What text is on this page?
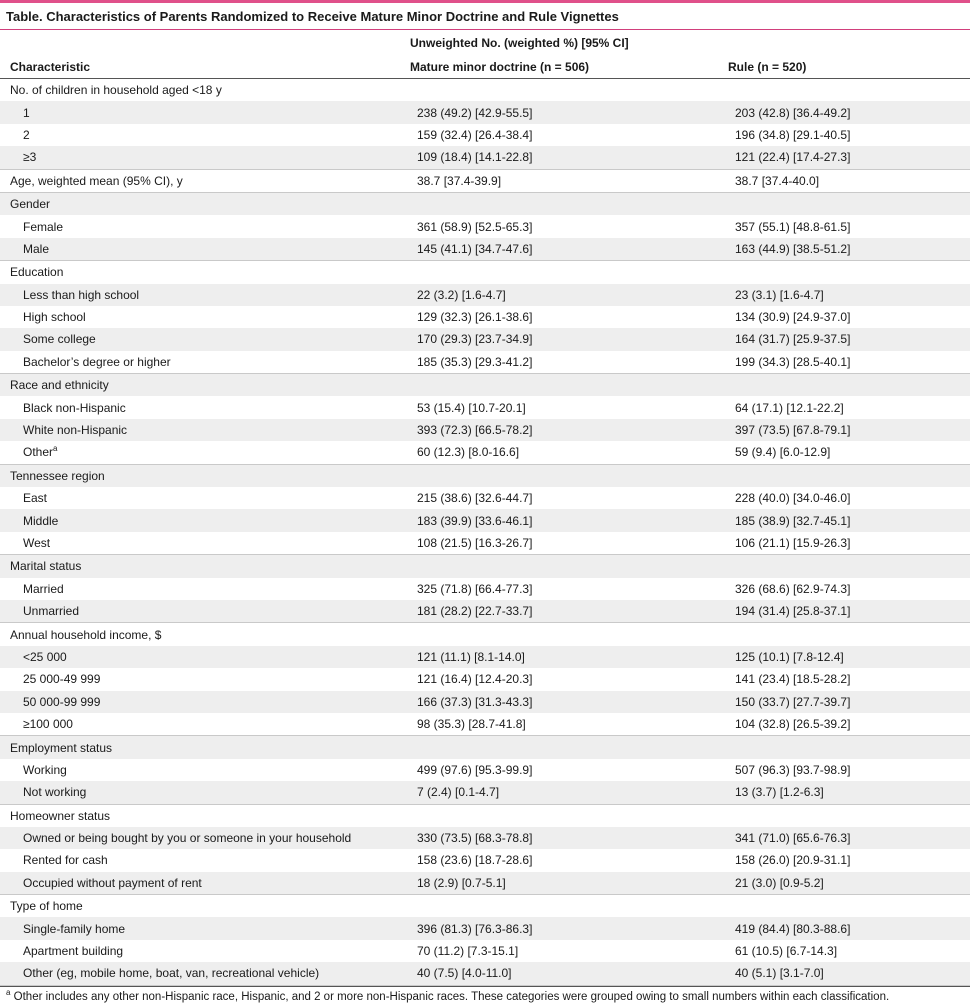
Table. Characteristics of Parents Randomized to Receive Mature Minor Doctrine and Rule Vignettes
	Unweighted No. (weighted %) [95% CI]	
Characteristic	Mature minor doctrine (n = 506)	Rule (n = 520)
No. of children in household aged <18 y		
1	238 (49.2) [42.9-55.5]	203 (42.8) [36.4-49.2]
2	159 (32.4) [26.4-38.4]	196 (34.8) [29.1-40.5]
≥3	109 (18.4) [14.1-22.8]	121 (22.4) [17.4-27.3]
Age, weighted mean (95% CI), y	38.7 [37.4-39.9]	38.7 [37.4-40.0]
Gender		
Female	361 (58.9) [52.5-65.3]	357 (55.1) [48.8-61.5]
Male	145 (41.1) [34.7-47.6]	163 (44.9) [38.5-51.2]
Education		
Less than high school	22 (3.2) [1.6-4.7]	23 (3.1) [1.6-4.7]
High school	129 (32.3) [26.1-38.6]	134 (30.9) [24.9-37.0]
Some college	170 (29.3) [23.7-34.9]	164 (31.7) [25.9-37.5]
Bachelor’s degree or higher	185 (35.3) [29.3-41.2]	199 (34.3) [28.5-40.1]
Race and ethnicity		
Black non-Hispanic	53 (15.4) [10.7-20.1]	64 (17.1) [12.1-22.2]
White non-Hispanic	393 (72.3) [66.5-78.2]	397 (73.5) [67.8-79.1]
Other$^a$	60 (12.3) [8.0-16.6]	59 (9.4) [6.0-12.9]
Tennessee region		
East	215 (38.6) [32.6-44.7]	228 (40.0) [34.0-46.0]
Middle	183 (39.9) [33.6-46.1]	185 (38.9) [32.7-45.1]
West	108 (21.5) [16.3-26.7]	106 (21.1) [15.9-26.3]
Marital status		
Married	325 (71.8) [66.4-77.3]	326 (68.6) [62.9-74.3]
Unmarried	181 (28.2) [22.7-33.7]	194 (31.4) [25.8-37.1]
Annual household income, $		
<25 000	121 (11.1) [8.1-14.0]	125 (10.1) [7.8-12.4]
25 000-49 999	121 (16.4) [12.4-20.3]	141 (23.4) [18.5-28.2]
50 000-99 999	166 (37.3) [31.3-43.3]	150 (33.7) [27.7-39.7]
≥100 000	98 (35.3) [28.7-41.8]	104 (32.8) [26.5-39.2]
Employment status		
Working	499 (97.6) [95.3-99.9]	507 (96.3) [93.7-98.9]
Not working	7 (2.4) [0.1-4.7]	13 (3.7) [1.2-6.3]
Homeowner status		
Owned or being bought by you or someone in your household	330 (73.5) [68.3-78.8]	341 (71.0) [65.6-76.3]
Rented for cash	158 (23.6) [18.7-28.6]	158 (26.0) [20.9-31.1]
Occupied without payment of rent	18 (2.9) [0.7-5.1]	21 (3.0) [0.9-5.2]
Type of home		
Single-family home	396 (81.3) [76.3-86.3]	419 (84.4) [80.3-88.6]
Apartment building	70 (11.2) [7.3-15.1]	61 (10.5) [6.7-14.3]
Other (eg, mobile home, boat, van, recreational vehicle)	40 (7.5) [4.0-11.0]	40 (5.1) [3.1-7.0]
$^a$ Other includes any other non-Hispanic race, Hispanic, and 2 or more non-Hispanic races. These categories were grouped owing to small numbers within each classification.
